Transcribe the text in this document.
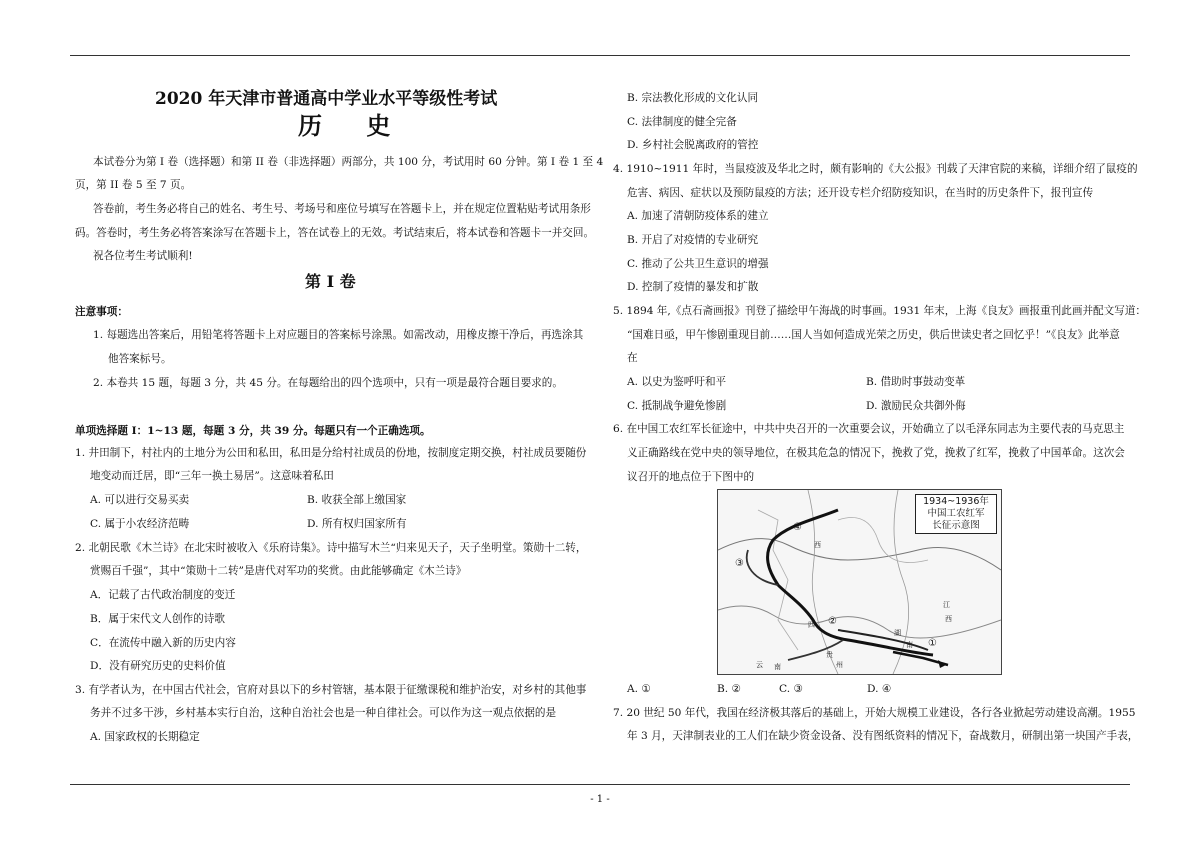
2020 年天津市普通高中学业水平等级性考试
历 史
本试卷分为第 I 卷（选择题）和第 II 卷（非选择题）两部分，共 100 分，考试用时 60 分钟。第 I 卷 1 至 4
页，第 II 卷 5 至 7 页。
答卷前，考生务必将自己的姓名、考生号、考场号和座位号填写在答题卡上，并在规定位置粘贴考试用条形
码。答卷时，考生务必将答案涂写在答题卡上，答在试卷上的无效。考试结束后，将本试卷和答题卡一并交回。
祝各位考生考试顺利!
第 I 卷
注意事项：
1. 每题选出答案后，用铅笔将答题卡上对应题目的答案标号涂黑。如需改动，用橡皮擦干净后，再选涂其
他答案标号。
2. 本卷共 15 题，每题 3 分，共 45 分。在每题给出的四个选项中，只有一项是最符合题目要求的。
单项选择题 I：1~13 题，每题 3 分，共 39 分。每题只有一个正确选项。
1. 井田制下，村社内的土地分为公田和私田，私田是分给村社成员的份地，按制度定期交换，村社成员要随份
地变动而迁居，即“三年一换土易居”。这意味着私田
A. 可以进行交易买卖	B. 收获全部上缴国家
C. 属于小农经济范畴	D. 所有权归国家所有
2. 北朝民歌《木兰诗》在北宋时被收入《乐府诗集》。诗中描写木兰“归来见天子，天子坐明堂。策勋十二转，
赏赐百千强”，其中“策勋十二转”是唐代对军功的奖赏。由此能够确定《木兰诗》
A．记载了古代政治制度的变迁
B．属于宋代文人创作的诗歌
C．在流传中融入新的历史内容
D．没有研究历史的史料价值
3. 有学者认为，在中国古代社会，官府对县以下的乡村管辖，基本限于征缴课税和维护治安，对乡村的其他事
务并不过多干涉，乡村基本实行自治，这种自治社会也是一种自律社会。可以作为这一观点依据的是
A. 国家政权的长期稳定
B. 宗法教化形成的文化认同
C. 法律制度的健全完备
D. 乡村社会脱离政府的管控
4. 1910~1911 年时，当鼠疫波及华北之时，颇有影响的《大公报》刊载了天津官院的来稿，详细介绍了鼠疫的
危害、病因、症状以及预防鼠疫的方法；还开设专栏介绍防疫知识，在当时的历史条件下，报刊宣传
A. 加速了清朝防疫体系的建立
B. 开启了对疫情的专业研究
C. 推动了公共卫生意识的增强
D. 控制了疫情的暴发和扩散
5. 1894 年,《点石斋画报》刊登了描绘甲午海战的时事画。1931 年末，上海《良友》画报重刊此画并配文写道：
“国难日亟，甲午惨剧重现目前……国人当如何造成光荣之历史，供后世读史者之回忆乎！”《良友》此举意
在
A. 以史为鉴呼吁和平	B. 借助时事鼓动变革
C. 抵制战争避免惨剧	D. 激励民众共御外侮
6. 在中国工农红军长征途中，中共中央召开的一次重要会议，开始确立了以毛泽东同志为主要代表的马克思主
义正确路线在党中央的领导地位，在极其危急的情况下，挽救了党，挽救了红军，挽救了中国革命。这次会
议召开的地点位于下图中的
A. ①	B. ②	C. ③	D. ④
7. 20 世纪 50 年代，我国在经济极其落后的基础上，开始大规模工业建设，各行各业掀起劳动建设高潮。1955
年 3 月，天津制表业的工人们在缺少资金设备、没有图纸资料的情况下，奋战数月，研制出第一块国产手表，
1934~1936年
中国工农红军
长征示意图
①
②
③
④
西
四
贵
州
云 南
江
西
湖
南
- 1 -
